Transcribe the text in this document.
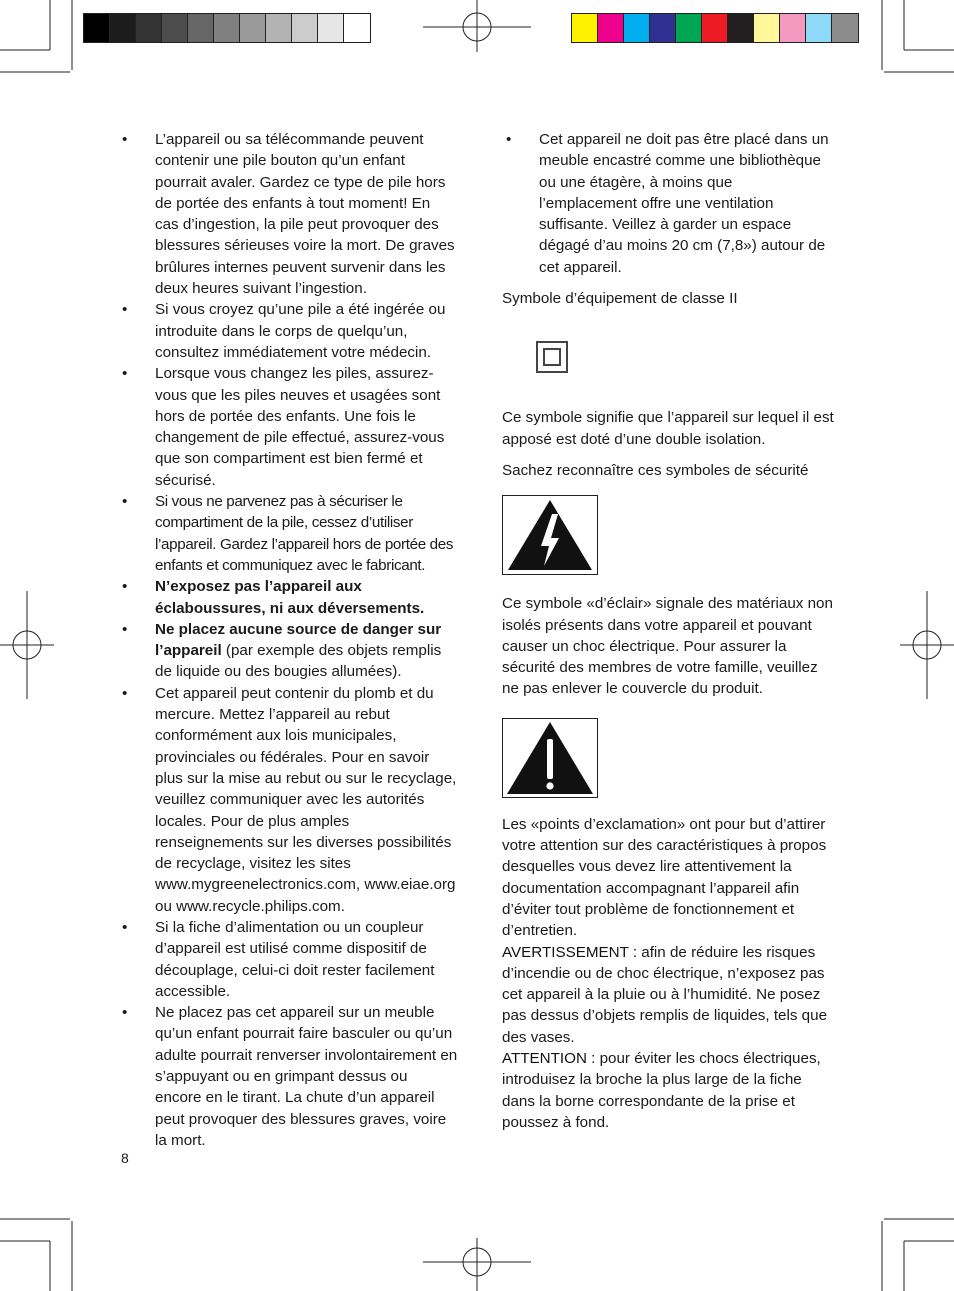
• L’appareil ou sa télécommande peuvent contenir une pile bouton qu’un enfant pourrait avaler. Gardez ce type de pile hors de portée des enfants à tout moment! En cas d’ingestion, la pile peut provoquer des blessures sérieuses voire la mort. De graves brûlures internes peuvent survenir dans les deux heures suivant l’ingestion.
• Si vous croyez qu’une pile a été ingérée ou introduite dans le corps de quelqu’un, consultez immédiatement votre médecin.
• Lorsque vous changez les piles, assurez-vous que les piles neuves et usagées sont hors de portée des enfants. Une fois le changement de pile effectué, assurez-vous que son compartiment est bien fermé et sécurisé.
• Si vous ne parvenez pas à sécuriser le compartiment de la pile, cessez d’utiliser l’appareil. Gardez l’appareil hors de portée des enfants et communiquez avec le fabricant.
• N’exposez pas l’appareil aux éclaboussures, ni aux déversements.
• Ne placez aucune source de danger sur l’appareil (par exemple des objets remplis de liquide ou des bougies allumées).
• Cet appareil peut contenir du plomb et du mercure. Mettez l’appareil au rebut conformément aux lois municipales, provinciales ou fédérales. Pour en savoir plus sur la mise au rebut ou sur le recyclage, veuillez communiquer avec les autorités locales. Pour de plus amples renseignements sur les diverses possibilités de recyclage, visitez les sites www.mygreenelectronics.com, www.eiae.org ou www.recycle.philips.com.
• Si la fiche d’alimentation ou un coupleur d’appareil est utilisé comme dispositif de découplage, celui-ci doit rester facilement accessible.
• Ne placez pas cet appareil sur un meuble qu’un enfant pourrait faire basculer ou qu’un adulte pourrait renverser involontairement en s’appuyant ou en grimpant dessus ou encore en le tirant. La chute d’un appareil peut provoquer des blessures graves, voire la mort.
• Cet appareil ne doit pas être placé dans un meuble encastré comme une bibliothèque ou une étagère, à moins que l’emplacement offre une ventilation suffisante. Veillez à garder un espace dégagé d’au moins 20 cm (7,8») autour de cet appareil.

Symbole d’équipement de classe II

Ce symbole signifie que l’appareil sur lequel il est apposé est doté d’une double isolation.

Sachez reconnaître ces symboles de sécurité

Ce symbole «d’éclair» signale des matériaux non isolés présents dans votre appareil et pouvant causer un choc électrique. Pour assurer la sécurité des membres de votre famille, veuillez ne pas enlever le couvercle du produit.

Les «points d’exclamation» ont pour but d’attirer votre attention sur des caractéristiques à propos desquelles vous devez lire attentivement la documentation accompagnant l’appareil afin d’éviter tout problème de fonctionnement et d’entretien.

AVERTISSEMENT : afin de réduire les risques d’incendie ou de choc électrique, n’exposez pas cet appareil à la pluie ou à l’humidité. Ne posez pas dessus d’objets remplis de liquides, tels que des vases.

ATTENTION : pour éviter les chocs électriques, introduisez la broche la plus large de la fiche dans la borne correspondante de la prise et poussez à fond.

8
